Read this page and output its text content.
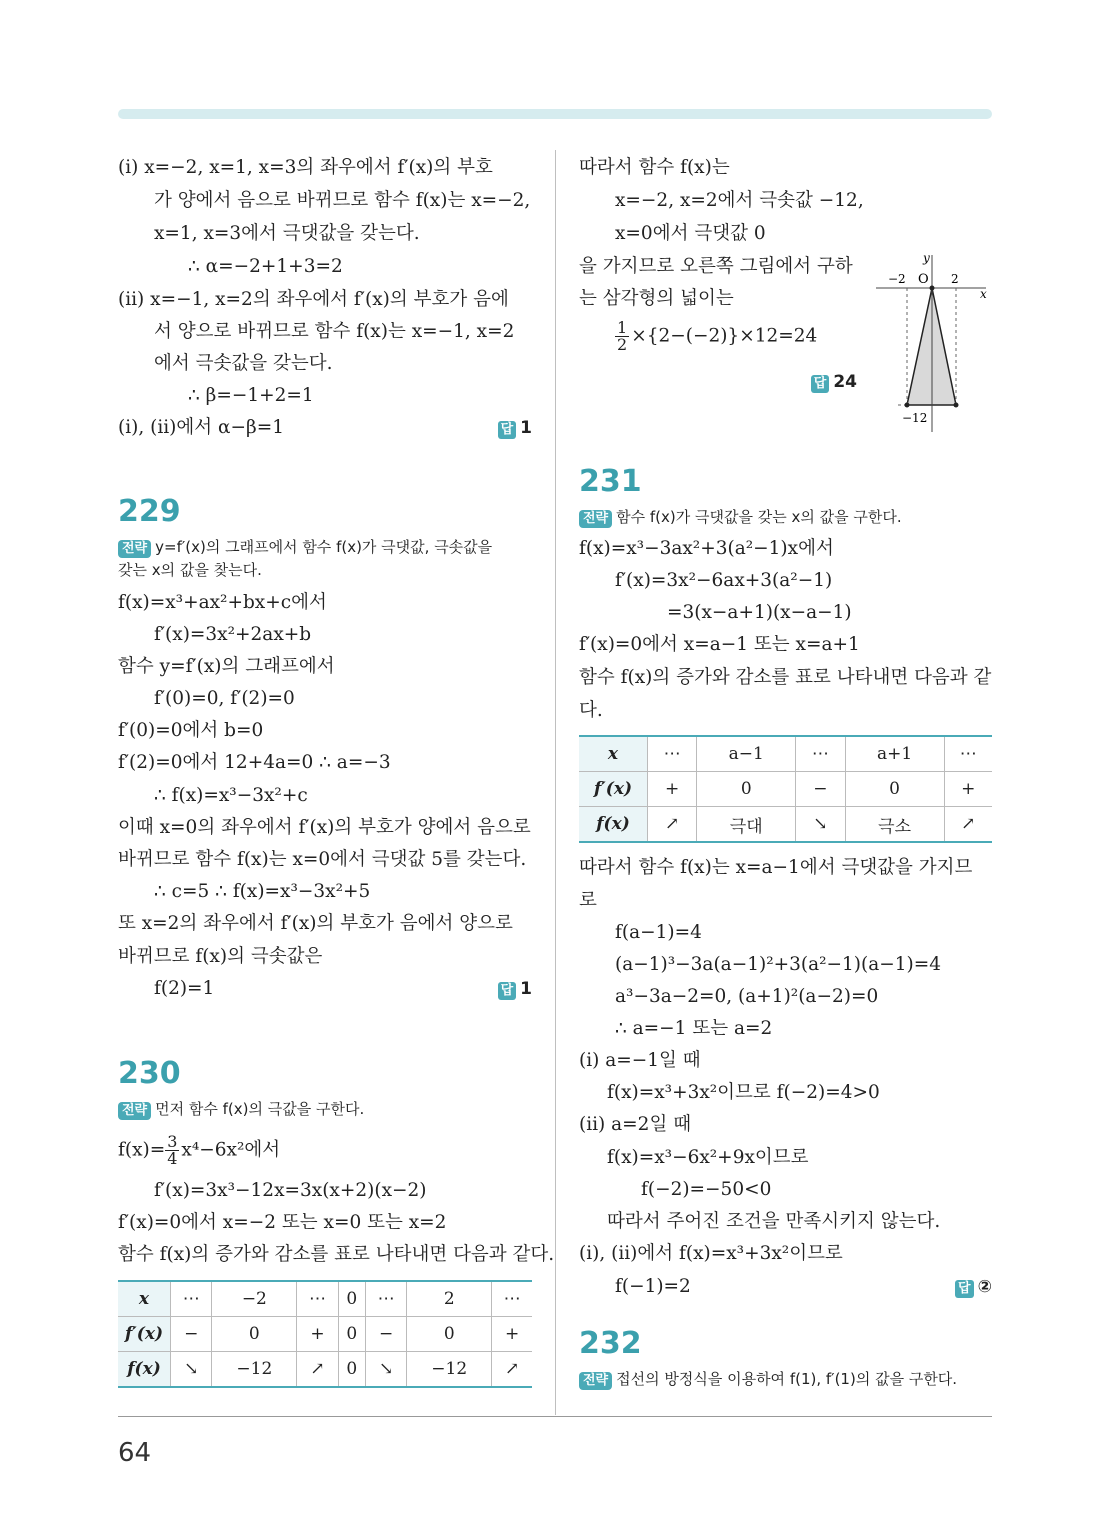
(ⅰ) x=−2, x=1, x=3의 좌우에서 f′(x)의 부호
가 양에서 음으로 바뀌므로 함수 f(x)는 x=−2,
x=1, x=3에서 극댓값을 갖는다.
∴ α=−2+1+3=2
(ⅱ) x=−1, x=2의 좌우에서 f′(x)의 부호가 음에
서 양으로 바뀌므로 함수 f(x)는 x=−1, x=2
에서 극솟값을 갖는다.
∴ β=−1+2=1
(ⅰ), (ⅱ)에서 α−β=1	답 1
229
전략 y=f′(x)의 그래프에서 함수 f(x)가 극댓값, 극솟값을
갖는 x의 값을 찾는다.
f(x)=x³+ax²+bx+c에서
f′(x)=3x²+2ax+b
함수 y=f′(x)의 그래프에서
f′(0)=0, f′(2)=0
f′(0)=0에서 b=0
f′(2)=0에서 12+4a=0 ∴ a=−3
∴ f(x)=x³−3x²+c
이때 x=0의 좌우에서 f′(x)의 부호가 양에서 음으로
바뀌므로 함수 f(x)는 x=0에서 극댓값 5를 갖는다.
∴ c=5 ∴ f(x)=x³−3x²+5
또 x=2의 좌우에서 f′(x)의 부호가 음에서 양으로
바뀌므로 f(x)의 극솟값은
f(2)=1	답 1
230
전략 먼저 함수 f(x)의 극값을 구한다.
$f(x)= \frac{3}{4} x^4-6x^2$에서
f′(x)=3x³−12x=3x(x+2)(x−2)
f′(x)=0에서 x=−2 또는 x=0 또는 x=2
함수 f(x)의 증가와 감소를 표로 나타내면 다음과 같다.
x	⋯	−2	⋯	0	⋯	2	⋯
f′(x)	−	0	+	0	−	0	+
f(x)	↘	−12	↗	0	↘	−12	↗
따라서 함수 f(x)는
x=−2, x=2에서 극솟값 −12,
x=0에서 극댓값 0
을 가지므로 오른쪽 그림에서 구하
는 삼각형의 넓이는
$\frac{1}{2} \times\{2-(-2)\}\times 12=24$
답 24
y
x
O
−2	2
−12
231
전략 함수 f(x)가 극댓값을 갖는 x의 값을 구한다.
f(x)=x³−3ax²+3(a²−1)x에서
f′(x)=3x²−6ax+3(a²−1)
=3(x−a+1)(x−a−1)
f′(x)=0에서 x=a−1 또는 x=a+1
함수 f(x)의 증가와 감소를 표로 나타내면 다음과 같
다.
x	⋯	a−1	⋯	a+1	⋯
f′(x)	+	0	−	0	+
f(x)	↗	극대	↘	극소	↗
따라서 함수 f(x)는 x=a−1에서 극댓값을 가지므
로
f(a−1)=4
(a−1)³−3a(a−1)²+3(a²−1)(a−1)=4
a³−3a−2=0, (a+1)²(a−2)=0
∴ a=−1 또는 a=2
(ⅰ) a=−1일 때
f(x)=x³+3x²이므로 f(−2)=4>0
(ⅱ) a=2일 때
f(x)=x³−6x²+9x이므로
f(−2)=−50<0
따라서 주어진 조건을 만족시키지 않는다.
(ⅰ), (ⅱ)에서 f(x)=x³+3x²이므로
f(−1)=2	답 ②
232
전략 접선의 방정식을 이용하여 f(1), f′(1)의 값을 구한다.
64
